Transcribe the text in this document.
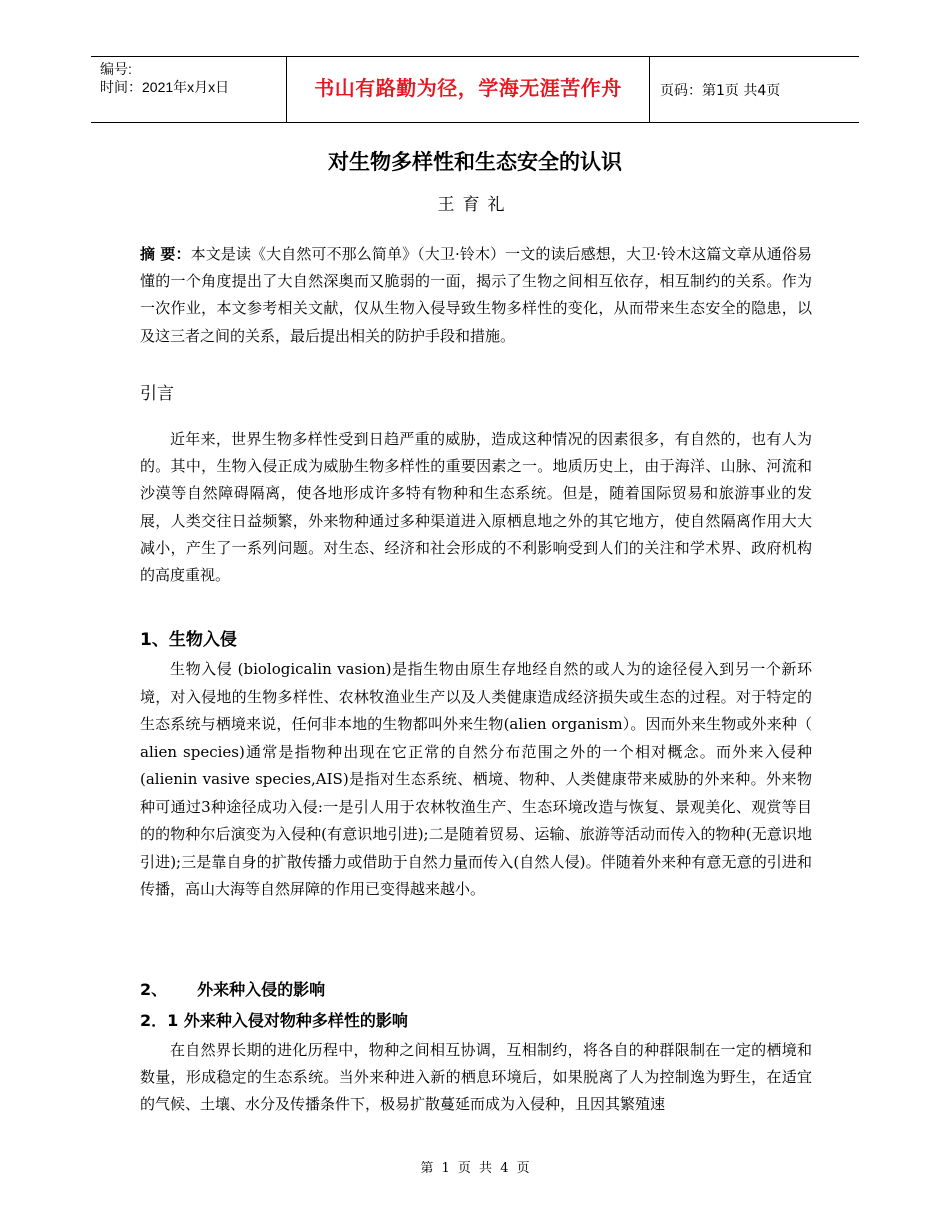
编号:
时间：2021年x月x日	书山有路勤为径，学海无涯苦作舟	页码：第1页 共4页
对生物多样性和生态安全的认识
王育礼
摘 要：本文是读《大自然可不那么简单》（大卫·铃木）一文的读后感想，大卫·铃木这篇文章从通俗易懂的一个角度提出了大自然深奥而又脆弱的一面，揭示了生物之间相互依存，相互制约的关系。作为一次作业，本文参考相关文献，仅从生物入侵导致生物多样性的变化，从而带来生态安全的隐患，以及这三者之间的关系，最后提出相关的防护手段和措施。
引言
近年来，世界生物多样性受到日趋严重的威胁，造成这种情况的因素很多，有自然的，也有人为的。其中，生物入侵正成为威胁生物多样性的重要因素之一。地质历史上，由于海洋、山脉、河流和沙漠等自然障碍隔离，使各地形成许多特有物种和生态系统。但是，随着国际贸易和旅游事业的发展，人类交往日益频繁，外来物种通过多种渠道进入原栖息地之外的其它地方，使自然隔离作用大大减小，产生了一系列问题。对生态、经济和社会形成的不利影响受到人们的关注和学术界、政府机构的高度重视。
1、生物入侵
生物入侵 (biologicalin vasion)是指生物由原生存地经自然的或人为的途径侵入到另一个新环境，对入侵地的生物多样性、农林牧渔业生产以及人类健康造成经济损失或生态的过程。对于特定的生态系统与栖境来说，任何非本地的生物都叫外来生物(alien organism）。因而外来生物或外来种（ alien species)通常是指物种出现在它正常的自然分布范围之外的一个相对概念。而外来入侵种(alienin vasive species,AIS)是指对生态系统、栖境、物种、人类健康带来威胁的外来种。外来物种可通过3种途径成功入侵:一是引人用于农林牧渔生产、生态环境改造与恢复、景观美化、观赏等目的的物种尔后演变为入侵种(有意识地引进);二是随着贸易、运输、旅游等活动而传入的物种(无意识地引进);三是靠自身的扩散传播力或借助于自然力量而传入(自然人侵)。伴随着外来种有意无意的引进和传播，高山大海等自然屏障的作用已变得越来越小。
2、 外来种入侵的影响
2．1 外来种入侵对物种多样性的影响
在自然界长期的进化历程中，物种之间相互协调，互相制约，将各自的种群限制在一定的栖境和数量，形成稳定的生态系统。当外来种进入新的栖息环境后，如果脱离了人为控制逸为野生，在适宜的气候、土壤、水分及传播条件下，极易扩散蔓延而成为入侵种，且因其繁殖速
第 1 页 共 4 页
